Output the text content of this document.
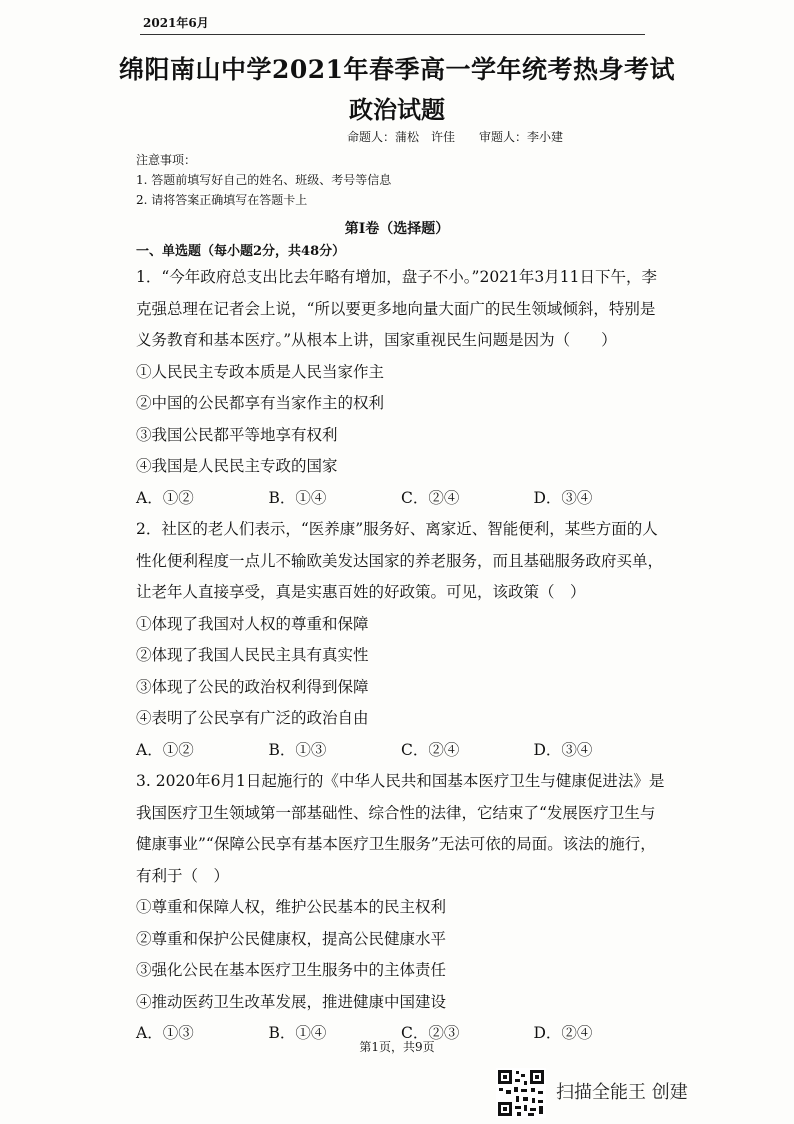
2021年6月
绵阳南山中学2021年春季高一学年统考热身考试
政治试题
命题人：蒲松　许佳　　审题人：李小建
注意事项：
1. 答题前填写好自己的姓名、班级、考号等信息
2. 请将答案正确填写在答题卡上
第Ⅰ卷（选择题）
一、单选题（每小题2分，共48分）

1．“今年政府总支出比去年略有增加，盘子不小。”2021年3月11日下午，李克强总理在记者会上说，“所以要更多地向量大面广的民生领域倾斜，特别是义务教育和基本医疗。”从根本上讲，国家重视民生问题是因为（　　）

①人民民主专政本质是人民当家作主

②中国的公民都享有当家作主的权利

③我国公民都平等地享有权利

④我国是人民民主专政的国家

A．①②	B．①④	C．②④	D．③④

2．社区的老人们表示，“医养康”服务好、离家近、智能便利，某些方面的人性化便利程度一点儿不输欧美发达国家的养老服务，而且基础服务政府买单，让老年人直接享受，真是实惠百姓的好政策。可见，该政策（　）

①体现了我国对人权的尊重和保障

②体现了我国人民民主具有真实性

③体现了公民的政治权利得到保障

④表明了公民享有广泛的政治自由

A．①②	B．①③	C．②④	D．③④

3. 2020年6月1日起施行的《中华人民共和国基本医疗卫生与健康促进法》是我国医疗卫生领域第一部基础性、综合性的法律，它结束了“发展医疗卫生与健康事业”“保障公民享有基本医疗卫生服务”无法可依的局面。该法的施行，有利于（　）

①尊重和保障人权，维护公民基本的民主权利

②尊重和保护公民健康权，提高公民健康水平

③强化公民在基本医疗卫生服务中的主体责任

④推动医药卫生改革发展，推进健康中国建设

A．①③	B．①④	C．②③	D．②④
第1页，共9页
扫描全能王 创建
